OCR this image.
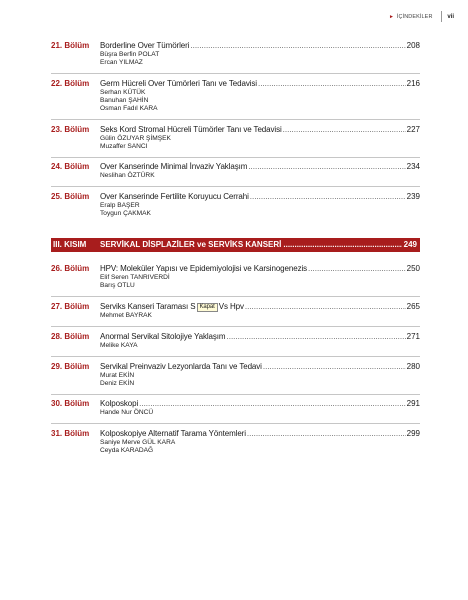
► İÇİNDEKİLER vii
21. Bölüm	Borderline Over Tümörleri .....	208
Büşra Berfin POLAT
Ercan YILMAZ
22. Bölüm	Germ Hücreli Over Tümörleri Tanı ve Tedavisi .....	216
Serhan KÜTÜK
Banuhan ŞAHİN
Osman Fadıl KARA
23. Bölüm	Seks Kord Stromal Hücreli Tümörler Tanı ve Tedavisi .....	227
Gülin ÖZUYAR ŞİMŞEK
Muzaffer SANCI
24. Bölüm	Over Kanserinde Minimal İnvaziv Yaklaşım .....	234
Neslihan ÖZTÜRK
25. Bölüm	Over Kanserinde Fertilite Koruyucu Cerrahi .....	239
Eralp BAŞER
Toygun ÇAKMAK
III. KISIM	SERVİKAL DİSPLAZİLER ve SERVİKS KANSERİ .....	249
26. Bölüm	HPV: Moleküler Yapısı ve Epidemiyolojisi ve Karsinogenezis .....	250
Elif Seren TANRIVERDİ
Barış OTLU
27. Bölüm	Serviks Kanseri Taraması S Kapat Vs Hpv .....	265
Mehmet BAYRAK
28. Bölüm	Anormal Servikal Sitolojiye Yaklaşım .....	271
Melike KAYA
29. Bölüm	Servikal Preinvaziv Lezyonlarda Tanı ve Tedavi .....	280
Murat EKİN
Deniz EKİN
30. Bölüm	Kolposkopi .....	291
Hande Nur ÖNCÜ
31. Bölüm	Kolposkopiye Alternatif Tarama Yöntemleri .....	299
Saniye Merve GÜL KARA
Ceyda KARADAĞ
